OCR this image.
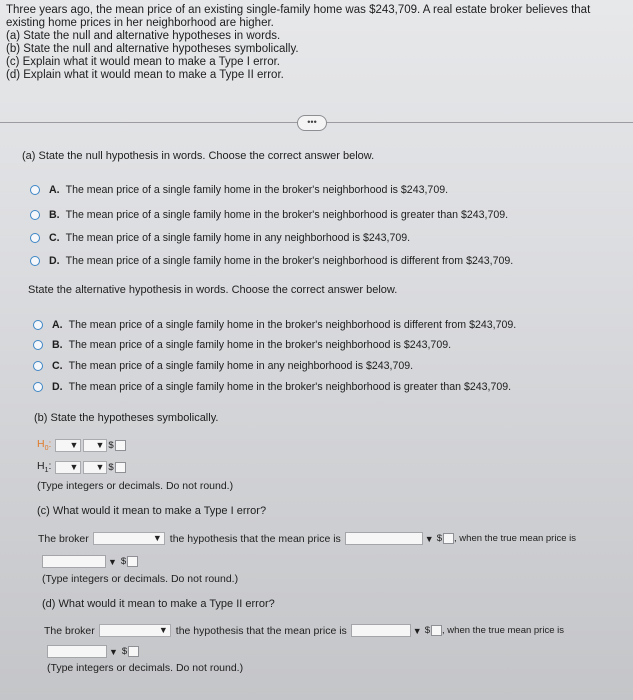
Three years ago, the mean price of an existing single-family home was $243,709. A real estate broker believes that existing home prices in her neighborhood are higher.

(a) State the null and alternative hypotheses in words.

(b) State the null and alternative hypotheses symbolically.

(c) Explain what it would mean to make a Type I error.

(d) Explain what it would mean to make a Type II error.

•••
(a) State the null hypothesis in words. Choose the correct answer below.
A. The mean price of a single family home in the broker's neighborhood is $243,709.
B. The mean price of a single family home in the broker's neighborhood is greater than $243,709.
C. The mean price of a single family home in any neighborhood is $243,709.
D. The mean price of a single family home in the broker's neighborhood is different from $243,709.
State the alternative hypothesis in words. Choose the correct answer below.
A. The mean price of a single family home in the broker's neighborhood is different from $243,709.
B. The mean price of a single family home in the broker's neighborhood is $243,709.
C. The mean price of a single family home in any neighborhood is $243,709.
D. The mean price of a single family home in the broker's neighborhood is greater than $243,709.
(b) State the hypotheses symbolically.
$H_0$: ▼ ▼ $
$H_1$: ▼ ▼ $
(Type integers or decimals. Do not round.)
(c) What would it mean to make a Type I error?
The broker	▼ the hypothesis that the mean price is	▼ $ , when the true mean price is
▼ $
(Type integers or decimals. Do not round.)
(d) What would it mean to make a Type II error?
The broker	▼ the hypothesis that the mean price is	▼ $ , when the true mean price is
▼ $
(Type integers or decimals. Do not round.)
